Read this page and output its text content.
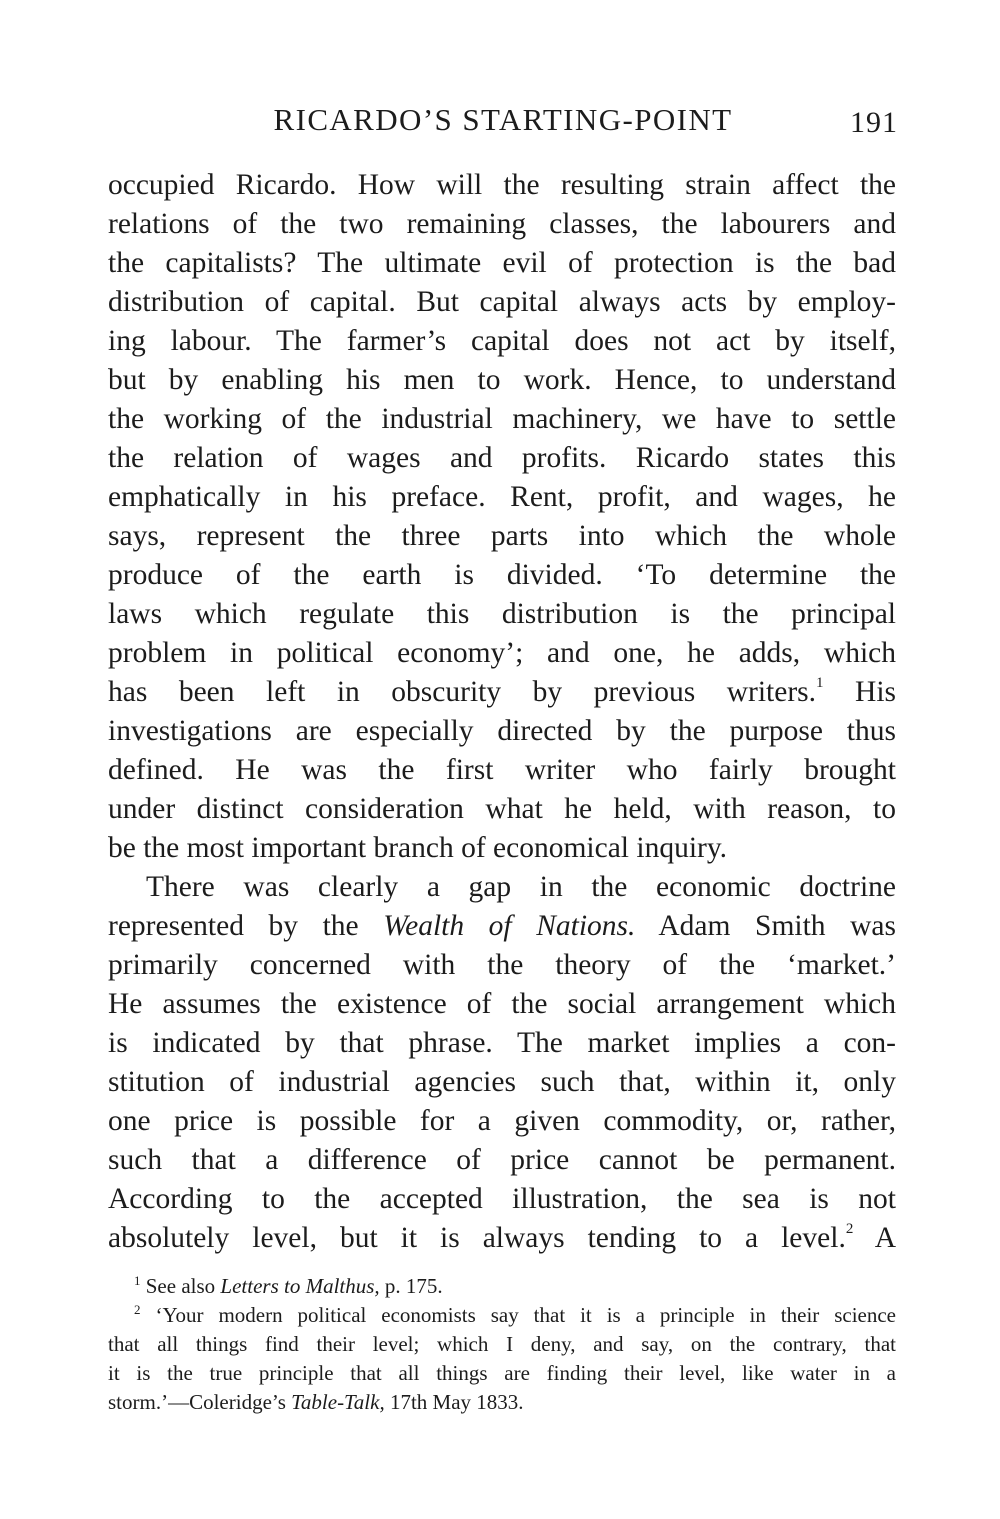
RICARDO’S STARTING-POINT	191
occupied Ricardo. How will the resulting strain affect the
relations of the two remaining classes, the labourers and
the capitalists? The ultimate evil of protection is the bad
distribution of capital. But capital always acts by employ-
ing labour. The farmer’s capital does not act by itself,
but by enabling his men to work. Hence, to understand
the working of the industrial machinery, we have to settle
the relation of wages and profits. Ricardo states this
emphatically in his preface. Rent, profit, and wages, he
says, represent the three parts into which the whole
produce of the earth is divided. ‘To determine the
laws which regulate this distribution is the principal
problem in political economy’; and one, he adds, which
has been left in obscurity by previous writers.$^1$ His
investigations are especially directed by the purpose thus
defined. He was the first writer who fairly brought
under distinct consideration what he held, with reason, to
be the most important branch of economical inquiry.
There was clearly a gap in the economic doctrine
represented by the Wealth of Nations. Adam Smith was
primarily concerned with the theory of the ‘market.’
He assumes the existence of the social arrangement which
is indicated by that phrase. The market implies a con-
stitution of industrial agencies such that, within it, only
one price is possible for a given commodity, or, rather,
such that a difference of price cannot be permanent.
According to the accepted illustration, the sea is not
absolutely level, but it is always tending to a level.$^2$ A
$^1$ See also Letters to Malthus, p. 175.
$^2$ ‘Your modern political economists say that it is a principle in their science
that all things find their level; which I deny, and say, on the contrary, that
it is the true principle that all things are finding their level, like water in a
storm.’—Coleridge’s Table-Talk, 17th May 1833.
